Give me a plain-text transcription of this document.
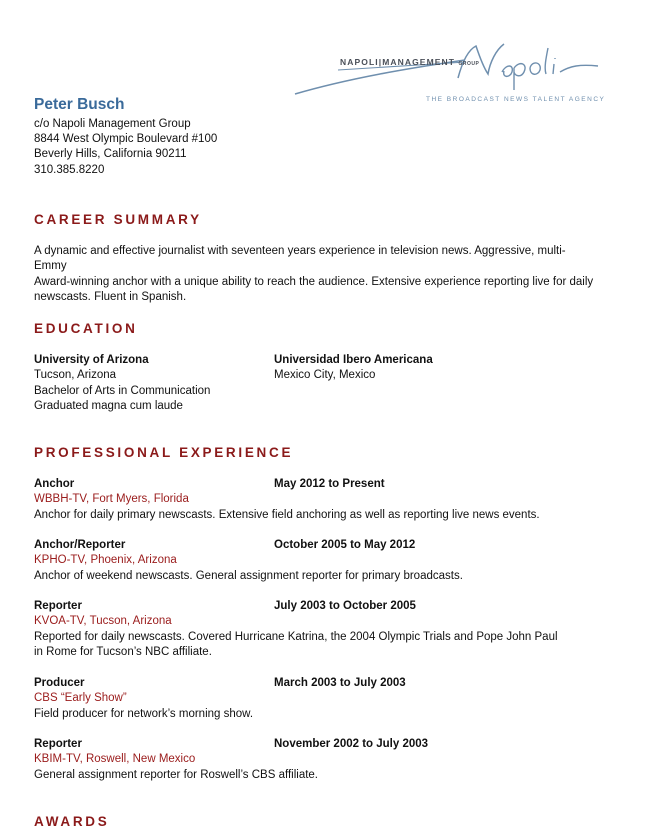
NAPOLI|MANAGEMENT GROUP
THE BROADCAST NEWS TALENT AGENCY
Peter Busch
c/o Napoli Management Group
8844 West Olympic Boulevard #100
Beverly Hills, California 90211
310.385.8220
CAREER SUMMARY
A dynamic and effective journalist with seventeen years experience in television news. Aggressive, multi-Emmy
Award-winning anchor with a unique ability to reach the audience. Extensive experience reporting live for daily
newscasts. Fluent in Spanish.
EDUCATION
University of Arizona
Tucson, Arizona
Bachelor of Arts in Communication
Graduated magna cum laude
Universidad Ibero Americana
Mexico City, Mexico
PROFESSIONAL EXPERIENCE
Anchor	May 2012 to Present
WBBH-TV, Fort Myers, Florida
Anchor for daily primary newscasts. Extensive field anchoring as well as reporting live news events.
Anchor/Reporter	October 2005 to May 2012
KPHO-TV, Phoenix, Arizona
Anchor of weekend newscasts. General assignment reporter for primary broadcasts.
Reporter	July 2003 to October 2005
KVOA-TV, Tucson, Arizona
Reported for daily newscasts. Covered Hurricane Katrina, the 2004 Olympic Trials and Pope John Paul
in Rome for Tucson’s NBC affiliate.
Producer	March 2003 to July 2003
CBS “Early Show”
Field producer for network’s morning show.
Reporter	November 2002 to July 2003
KBIM-TV, Roswell, New Mexico
General assignment reporter for Roswell’s CBS affiliate.
AWARDS
